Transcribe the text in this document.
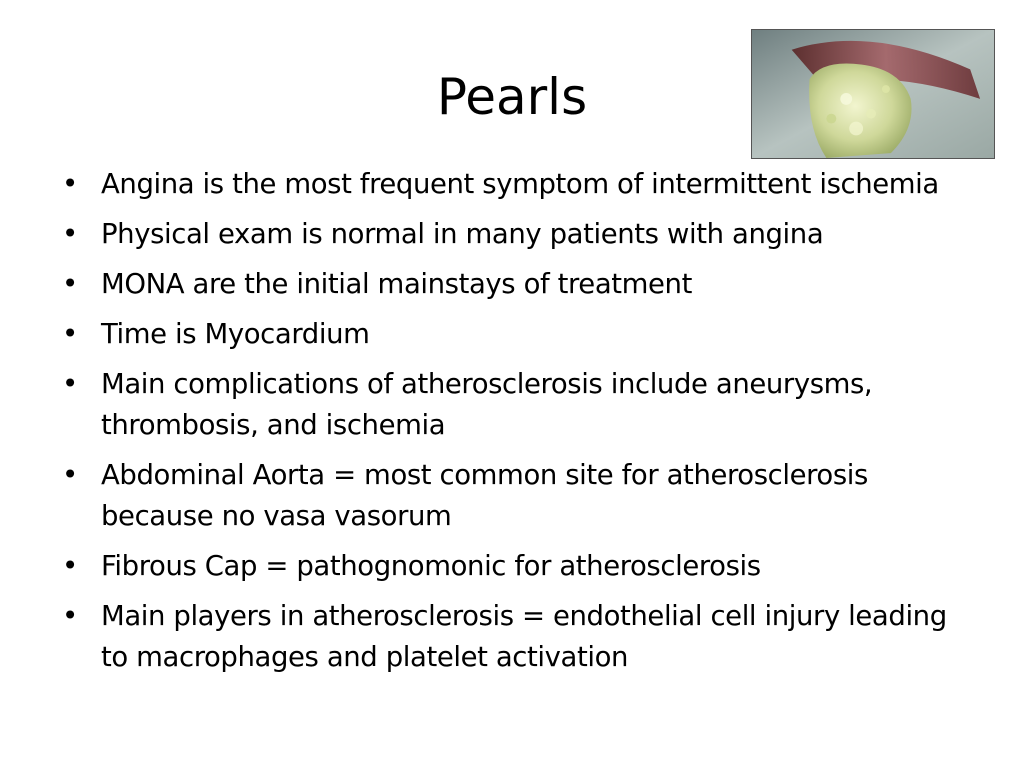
Pearls
• Angina is the most frequent symptom of intermittent ischemia
• Physical exam is normal in many patients with angina
• MONA are the initial mainstays of treatment
• Time is Myocardium
• Main complications of atherosclerosis include aneurysms, thrombosis, and ischemia
• Abdominal Aorta = most common site for atherosclerosis because no vasa vasorum
• Fibrous Cap = pathognomonic for atherosclerosis
• Main players in atherosclerosis = endothelial cell injury leading to macrophages and platelet activation
